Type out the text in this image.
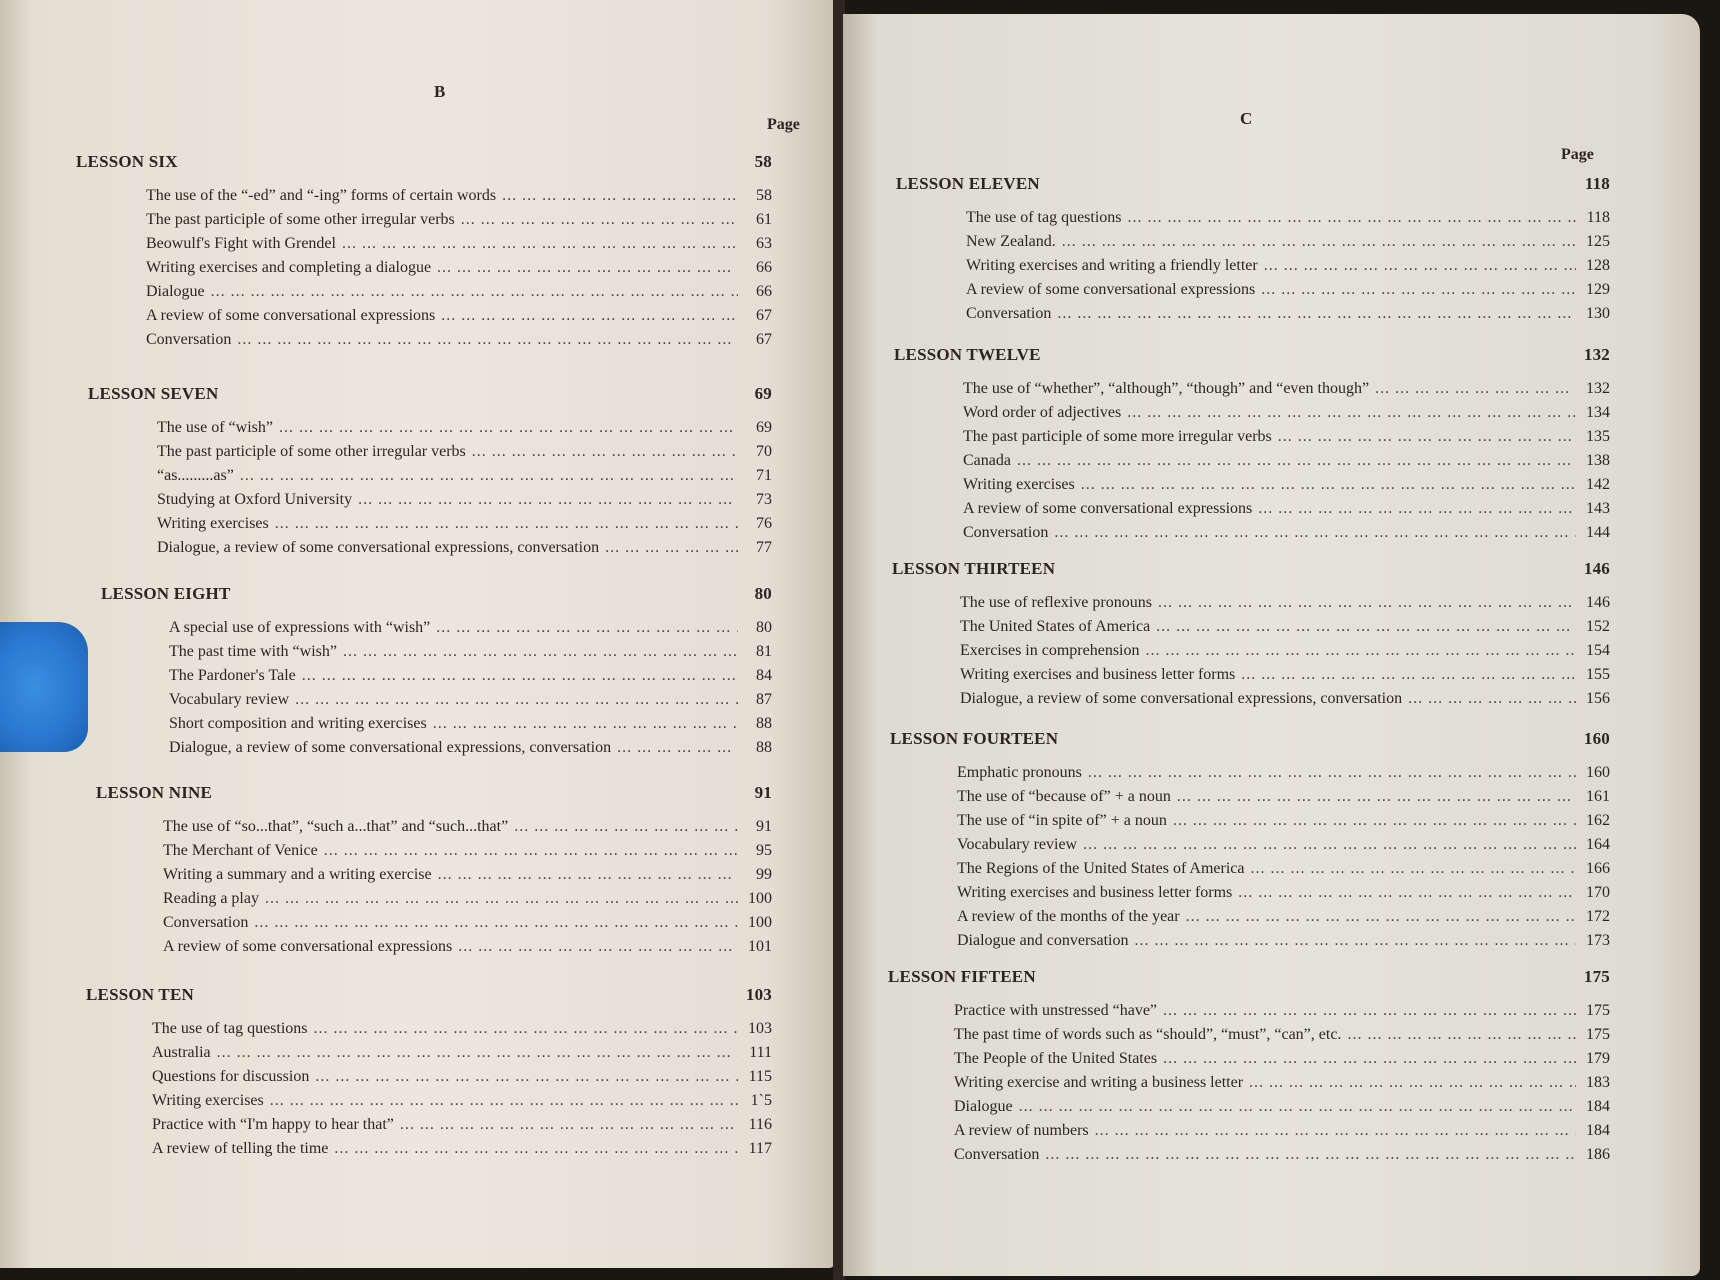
B
Page
LESSON SIX	58
The use of the “-ed” and “-ing” forms of certain words ... .	58
The past participle of some other irregular verbs ... .	61
Beowulf's Fight with Grendel ... .	63
Writing exercises and completing a dialogue ... .	66
Dialogue ... .	66
A review of some conversational expressions ... .	67
Conversation ... .	67
LESSON SEVEN	69
The use of “wish” ... .	69
The past participle of some other irregular verbs ... .	70
“as.........as” ... .	71
Studying at Oxford University ... .	73
Writing exercises ... .	76
Dialogue, a review of some conversational expressions, conversation ... .	77
LESSON EIGHT	80
A special use of expressions with “wish” ... .	80
The past time with “wish” ... .	81
The Pardoner's Tale ... .	84
Vocabulary review ... .	87
Short composition and writing exercises ... .	88
Dialogue, a review of some conversational expressions, conversation ... .	88
LESSON NINE	91
The use of “so...that”, “such a...that” and “such...that” ... .	91
The Merchant of Venice ... .	95
Writing a summary and a writing exercise ... .	99
Reading a play ... .	100
Conversation ... .	100
A review of some conversational expressions ... .	101
LESSON TEN	103
The use of tag questions ... .	103
Australia ... .	111
Questions for discussion ... .	115
Writing exercises ... .	1`5
Practice with “I'm happy to hear that” ... .	116
A review of telling the time ... .	117
C
Page
LESSON ELEVEN	118
The use of tag questions ... .	118
New Zealand. ... .	125
Writing exercises and writing a friendly letter ... .	128
A review of some conversational expressions ... .	129
Conversation ... .	130
LESSON TWELVE	132
The use of “whether”, “although”, “though” and “even though” ... .	132
Word order of adjectives ... .	134
The past participle of some more irregular verbs ... .	135
Canada ... .	138
Writing exercises ... .	142
A review of some conversational expressions ... .	143
Conversation ... .	144
LESSON THIRTEEN	146
The use of reflexive pronouns ... .	146
The United States of America ... .	152
Exercises in comprehension ... .	154
Writing exercises and business letter forms ... .	155
Dialogue, a review of some conversational expressions, conversation ... .	156
LESSON FOURTEEN	160
Emphatic pronouns ... .	160
The use of “because of” + a noun ... .	161
The use of “in spite of” + a noun ... .	162
Vocabulary review ... .	164
The Regions of the United States of America ... .	166
Writing exercises and business letter forms ... .	170
A review of the months of the year ... .	172
Dialogue and conversation ... .	173
LESSON FIFTEEN	175
Practice with unstressed “have” ... .	175
The past time of words such as “should”, “must”, “can”, etc. ... .	175
The People of the United States ... .	179
Writing exercise and writing a business letter ... .	183
Dialogue ... .	184
A review of numbers ... .	184
Conversation ... .	186
